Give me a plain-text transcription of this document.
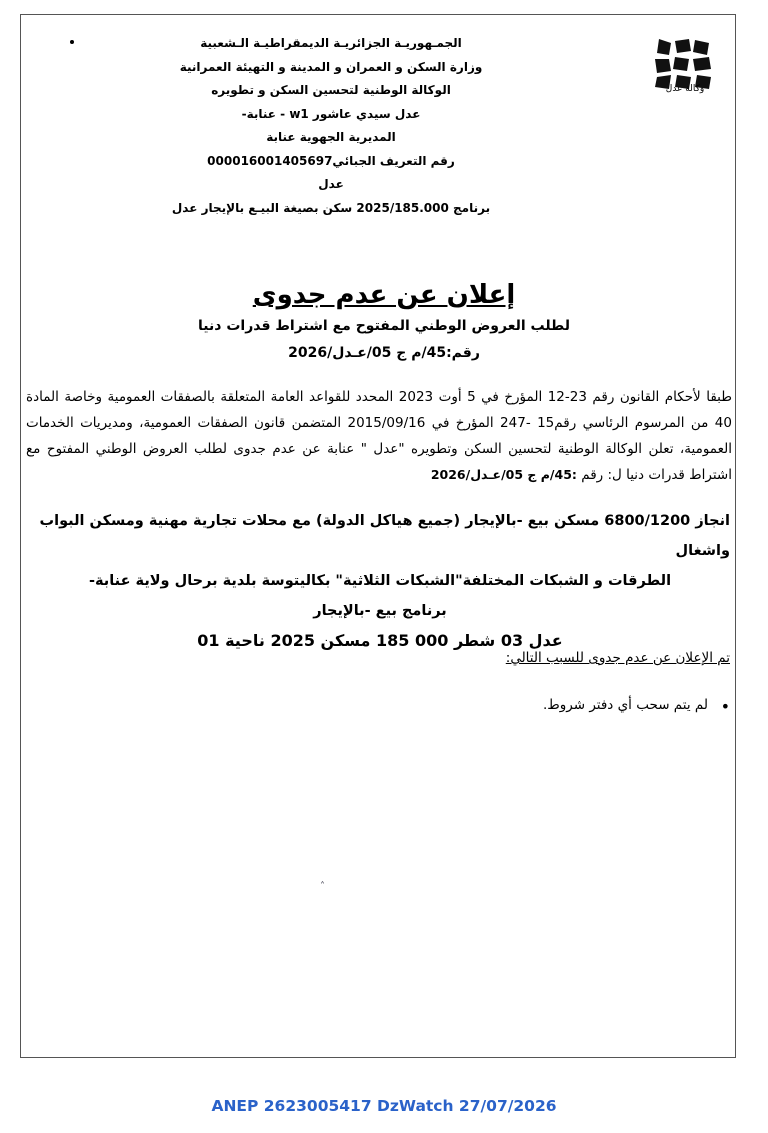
وكالة عدل
الجمـهوريـة الجزائريـة الديمقراطيـة الـشعبية
وزارة السكن و العمران و المدينة و التهيئة العمرانية
الوكالة الوطنية لتحسين السكن و تطويره
عدل سيدي عاشور w1 - عنابة-
المديرية الجهوية عنابة
رقم التعريف الجبائي000016001405697
عدل
برنامج 2025/185.000 سكن بصيغة البيـع بالإيجار عدل
إعلان عن عدم جدوى
لطلب العروض الوطني المفتوح مع اشتراط قدرات دنيا
رقم:45/م ج 05/عـدل/2026
طبقا لأحكام القانون رقم 23-12 المؤرخ في 5 أوت 2023 المحدد للقواعد العامة المتعلقة بالصفقات العمومية وخاصة المادة 40 من المرسوم الرئاسي رقم15 -247 المؤرخ في 2015/09/16 المتضمن قانون الصفقات العمومية، ومديريات الخدمات العمومية، تعلن الوكالة الوطنية لتحسين السكن وتطويره "عدل " عنابة عن عدم جدوى لطلب العروض الوطني المفتوح مع اشتراط قدرات دنيا ل: رقم :45/م ج 05/عـدل/2026
انجاز 6800/1200 مسكن بيع -بالإيجار (جميع هياكل الدولة) مع محلات تجارية مهنية ومسكن البواب واشغال
الطرقات و الشبكات المختلفة"الشبكات الثلاثية" بكاليتوسة بلدية برحال ولاية عنابة-
برنامج بيع -بالإيجار
عدل 03 شطر 000 185 مسكن 2025 ناحية 01
تم الإعلان عن عدم جدوى للسبب التالي:
لم يتم سحب أي دفتر شروط. •
˄
ANEP 2623005417 DzWatch 27/07/2026
